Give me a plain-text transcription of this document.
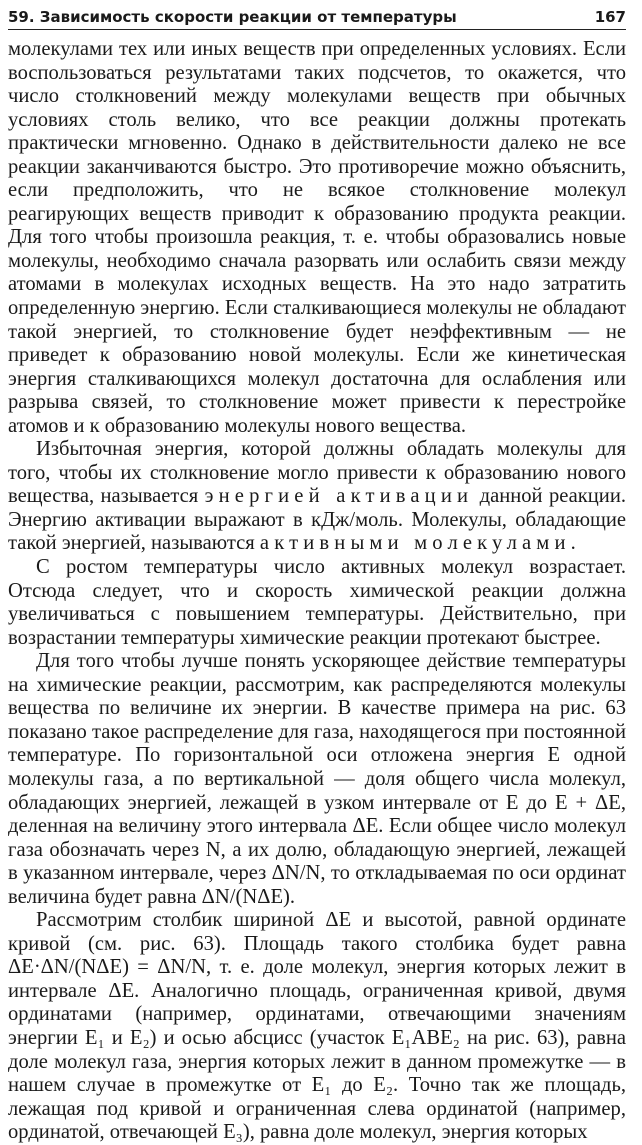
59. Зависимость скорости реакции от температуры	167

молекулами тех или иных веществ при определенных условиях. Если воспользоваться результатами таких подсчетов, то окажется, что число столкновений между молекулами веществ при обычных условиях столь велико, что все реакции должны протекать практически мгновенно. Однако в действительности далеко не все реакции заканчиваются быстро. Это противоречие можно объяснить, если предположить, что не всякое столкновение молекул реагирующих веществ приводит к образованию продукта реакции. Для того чтобы произошла реакция, т. е. чтобы образовались новые молекулы, необходимо сначала разорвать или ослабить связи между атомами в молекулах исходных веществ. На это надо затратить определенную энергию. Если сталкивающиеся молекулы не обладают такой энергией, то столкновение будет неэффективным — не приведет к образованию новой молекулы. Если же кинетическая энергия сталкивающихся молекул достаточна для ослабления или разрыва связей, то столкновение может привести к перестройке атомов и к образованию молекулы нового вещества.

Избыточная энергия, которой должны обладать молекулы для того, чтобы их столкновение могло привести к образованию нового вещества, называется энергией активации данной реакции. Энергию активации выражают в кДж/моль. Молекулы, обладающие такой энергией, называются активными молекулами.

С ростом температуры число активных молекул возрастает. Отсюда следует, что и скорость химической реакции должна увеличиваться с повышением температуры. Действительно, при возрастании температуры химические реакции протекают быстрее.

Для того чтобы лучше понять ускоряющее действие температуры на химические реакции, рассмотрим, как распределяются молекулы вещества по величине их энергии. В качестве примера на рис. 63 показано такое распределение для газа, находящегося при постоянной температуре. По горизонтальной оси отложена энергия E одной молекулы газа, а по вертикальной — доля общего числа молекул, обладающих энергией, лежащей в узком интервале от E до E + ΔE, деленная на величину этого интервала ΔE. Если общее число молекул газа обозначать через N, а их долю, обладающую энергией, лежащей в указанном интервале, через ΔN/N, то откладываемая по оси ординат величина будет равна ΔN/(NΔE).

Рассмотрим столбик шириной ΔE и высотой, равной ординате кривой (см. рис. 63). Площадь такого столбика будет равна ΔE·ΔN/(NΔE) = ΔN/N, т. е. доле молекул, энергия которых лежит в интервале ΔE. Аналогично площадь, ограниченная кривой, двумя ординатами (например, ординатами, отвечающими значениям энергии E₁ и E₂) и осью абсцисс (участок E₁ABE₂ на рис. 63), равна доле молекул газа, энергия которых лежит в данном промежутке — в нашем случае в промежутке от E₁ до E₂. Точно так же площадь, лежащая под кривой и ограниченная слева ординатой (например, ординатой, отвечающей E₃), равна доле молекул, энергия которых
